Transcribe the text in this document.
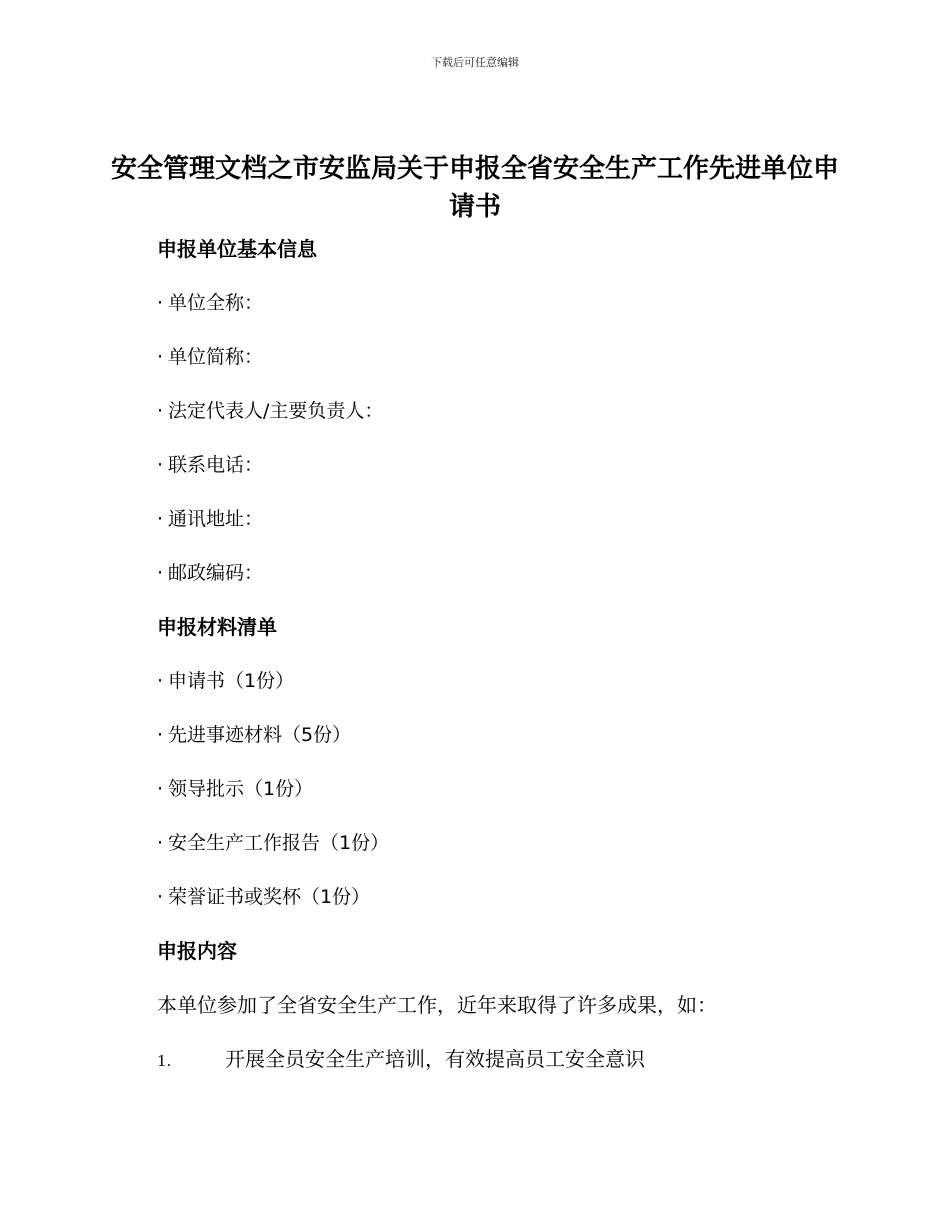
下载后可任意编辑
安全管理文档之市安监局关于申报全省安全生产工作先进单位申请书
申报单位基本信息
· 单位全称：
· 单位简称：
· 法定代表人/主要负责人：
· 联系电话：
· 通讯地址：
· 邮政编码：
申报材料清单
· 申请书（1份）
· 先进事迹材料（5份）
· 领导批示（1份）
· 安全生产工作报告（1份）
· 荣誉证书或奖杯（1份）
申报内容
本单位参加了全省安全生产工作，近年来取得了许多成果，如：
1.	开展全员安全生产培训，有效提高员工安全意识
